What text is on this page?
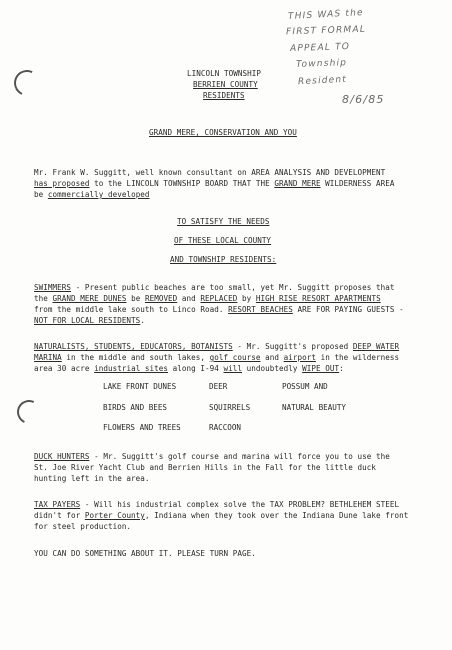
THIS WAS the
FIRST FORMAL
APPEAL TO
Township
Resident
8/6/85
LINCOLN TOWNSHIP
BERRIEN COUNTY
RESIDENTS
GRAND MERE, CONSERVATION AND YOU
Mr. Frank W. Suggitt, well known consultant on AREA ANALYSIS AND DEVELOPMENT
has proposed to the LINCOLN TOWNSHIP BOARD THAT THE GRAND MERE WILDERNESS AREA
be commercially developed
TO SATISFY THE NEEDS
OF THESE LOCAL COUNTY
AND TOWNSHIP RESIDENTS:
SWIMMERS - Present public beaches are too small, yet Mr. Suggitt proposes that
the GRAND MERE DUNES be REMOVED and REPLACED by HIGH RISE RESORT APARTMENTS
from the middle lake south to Linco Road. RESORT BEACHES ARE FOR PAYING GUESTS -
NOT FOR LOCAL RESIDENTS.
NATURALISTS, STUDENTS, EDUCATORS, BOTANISTS - Mr. Suggitt's proposed DEEP WATER
MARINA in the middle and south lakes, golf course and airport in the wilderness
area 30 acre industrial sites along I-94 will undoubtedly WIPE OUT:
LAKE FRONT DUNES	DEER	POSSUM AND
BIRDS AND BEES	SQUIRRELS	NATURAL BEAUTY
FLOWERS AND TREES	RACCOON
DUCK HUNTERS - Mr. Suggitt's golf course and marina will force you to use the
St. Joe River Yacht Club and Berrien Hills in the Fall for the little duck
hunting left in the area.
TAX PAYERS - Will his industrial complex solve the TAX PROBLEM? BETHLEHEM STEEL
didn't for Porter County, Indiana when they took over the Indiana Dune lake front
for steel production.
YOU CAN DO SOMETHING ABOUT IT. PLEASE TURN PAGE.
